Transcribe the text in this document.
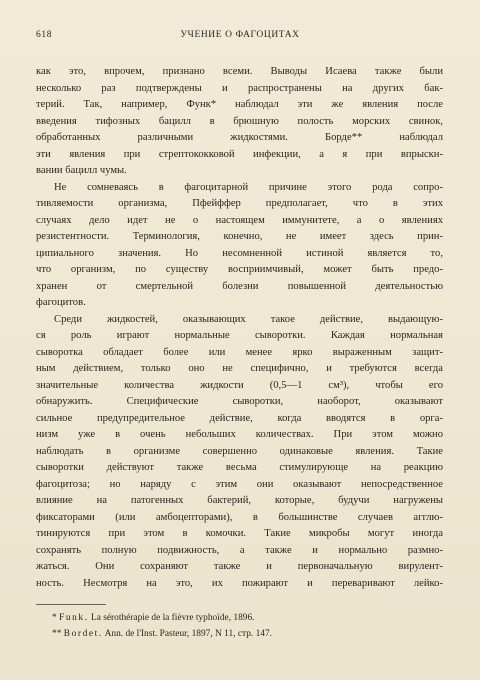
618	УЧЕНИЕ О ФАГОЦИТАХ
как это, впрочем, признано всеми. Выводы Исаева также были
несколько раз подтверждены и распространены на других бак-
терий. Так, например, Функ* наблюдал эти же явления после
введения тифозных бацилл в брюшную полость морских свинок,
обработанных различными жидкостями. Борде** наблюдал
эти явления при стрептококковой инфекции, а я при впрыскн-
вании бацилл чумы.
Не сомневаясь в фагоцитарной причине этого рода сопро-
тивляемости организма, Пфейффер предполагает, что в этих
случаях дело идет не о настоящем иммунитете, а о явлениях
резистентности. Терминология, конечно, не имеет здесь прин-
ципиального значения. Но несомненной истиной является то,
что организм, по существу восприимчивый, может быть предо-
хранен от смертельной болезни повышенной деятельностью
фагоцитов.
Среди жидкостей, оказывающих такое действие, выдающую-
ся роль играют нормальные сыворотки. Каждая нормальная
сыворотка обладает более или менее ярко выраженным защит-
ным действием, только оно не специфично, и требуются всегда
значительные количества жидкости (0,5—1 см³), чтобы его
обнаружить. Специфические сыворотки, наоборот, оказывают
сильное предупредительное действие, когда вводятся в орга-
низм уже в очень небольших количествах. При этом можно
наблюдать в организме совершенно одинаковые явления. Такие
сыворотки действуют также весьма стимулирующе на реакцию
фагоцитоза; но наряду с этим они оказывают непосредственное
влияние на патогенных бактерий, которые, будучи нагружены
фиксаторами (или амбоцепторами), в большинстве случаев агглю-
тинируются при этом в комочки. Такие микробы могут иногда
сохранять полную подвижность, а также и нормально размно-
жаться. Они сохраняют также и первоначальную вирулент-
ность. Несмотря на это, их пожирают и переваривают лейко-
* Funk. La sérothérapie de la fièvre typhoïde, 1896.
** Bordet. Ann. de l'Inst. Pasteur, 1897, N 11, стр. 147.
